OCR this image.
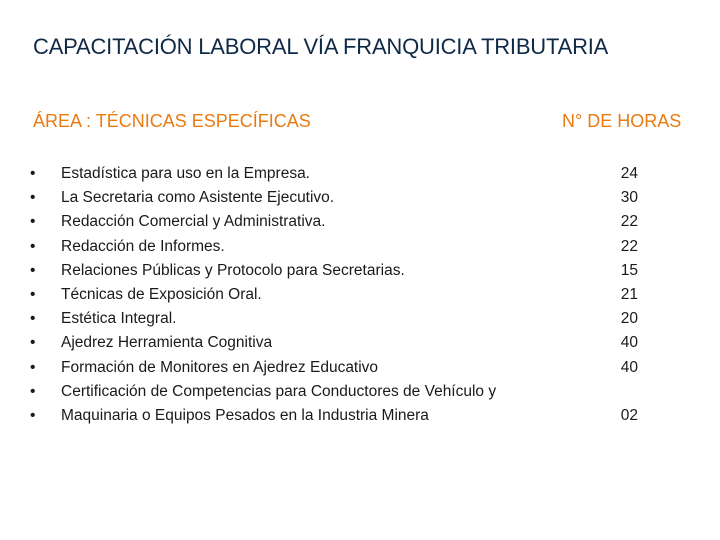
CAPACITACIÓN LABORAL VÍA FRANQUICIA TRIBUTARIA
ÁREA : TÉCNICAS ESPECÍFICAS	N° DE HORAS
•	Estadística para uso en la Empresa.	24
•	La Secretaria como Asistente Ejecutivo.	30
•	Redacción Comercial y Administrativa.	22
•	Redacción de Informes.	22
•	Relaciones Públicas y Protocolo para Secretarias.	15
•	Técnicas de Exposición Oral.	21
•	Estética Integral.	20
•	Ajedrez Herramienta Cognitiva	40
•	Formación de Monitores en Ajedrez Educativo	40
•	Certificación de Competencias para Conductores de Vehículo y
•	Maquinaria o Equipos Pesados en la Industria Minera	02
